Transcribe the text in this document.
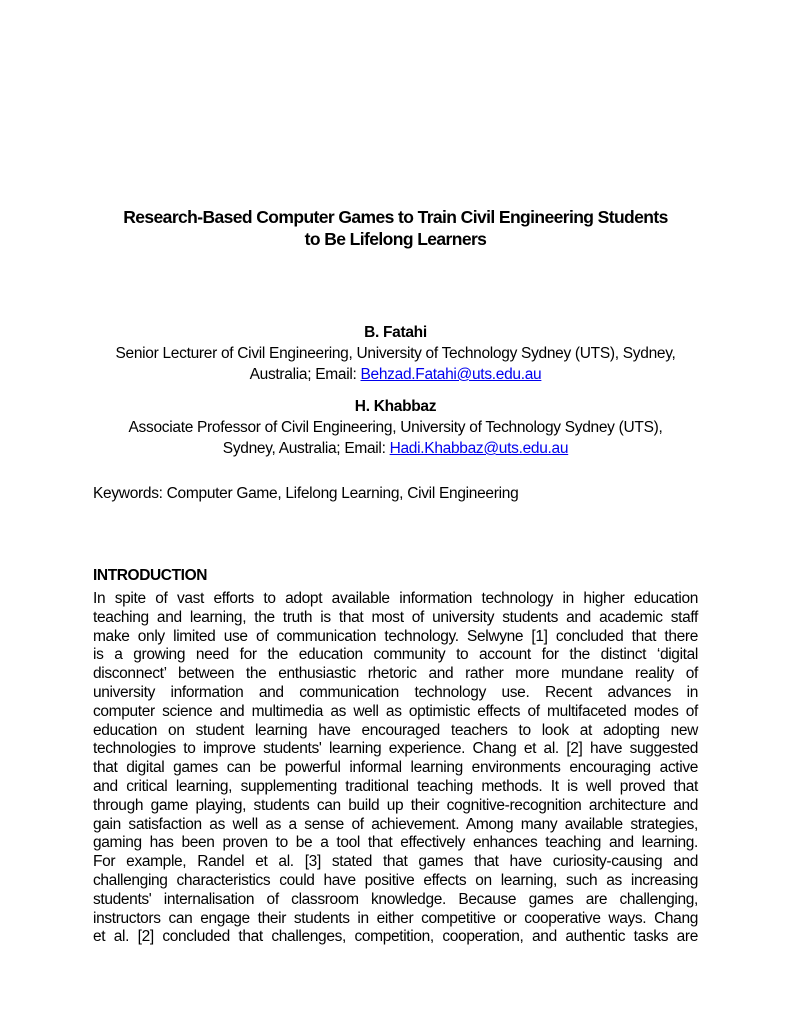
Research-Based Computer Games to Train Civil Engineering Students
to Be Lifelong Learners
B. Fatahi
Senior Lecturer of Civil Engineering, University of Technology Sydney (UTS), Sydney,
Australia; Email: Behzad.Fatahi@uts.edu.au
H. Khabbaz
Associate Professor of Civil Engineering, University of Technology Sydney (UTS),
Sydney, Australia; Email: Hadi.Khabbaz@uts.edu.au
Keywords: Computer Game, Lifelong Learning, Civil Engineering
INTRODUCTION
In spite of vast efforts to adopt available information technology in higher education
teaching and learning, the truth is that most of university students and academic staff
make only limited use of communication technology. Selwyne [1] concluded that there
is a growing need for the education community to account for the distinct ‘digital
disconnect’ between the enthusiastic rhetoric and rather more mundane reality of
university information and communication technology use. Recent advances in
computer science and multimedia as well as optimistic effects of multifaceted modes of
education on student learning have encouraged teachers to look at adopting new
technologies to improve students' learning experience. Chang et al. [2] have suggested
that digital games can be powerful informal learning environments encouraging active
and critical learning, supplementing traditional teaching methods. It is well proved that
through game playing, students can build up their cognitive-recognition architecture and
gain satisfaction as well as a sense of achievement. Among many available strategies,
gaming has been proven to be a tool that effectively enhances teaching and learning.
For example, Randel et al. [3] stated that games that have curiosity-causing and
challenging characteristics could have positive effects on learning, such as increasing
students' internalisation of classroom knowledge. Because games are challenging,
instructors can engage their students in either competitive or cooperative ways. Chang
et al. [2] concluded that challenges, competition, cooperation, and authentic tasks are
